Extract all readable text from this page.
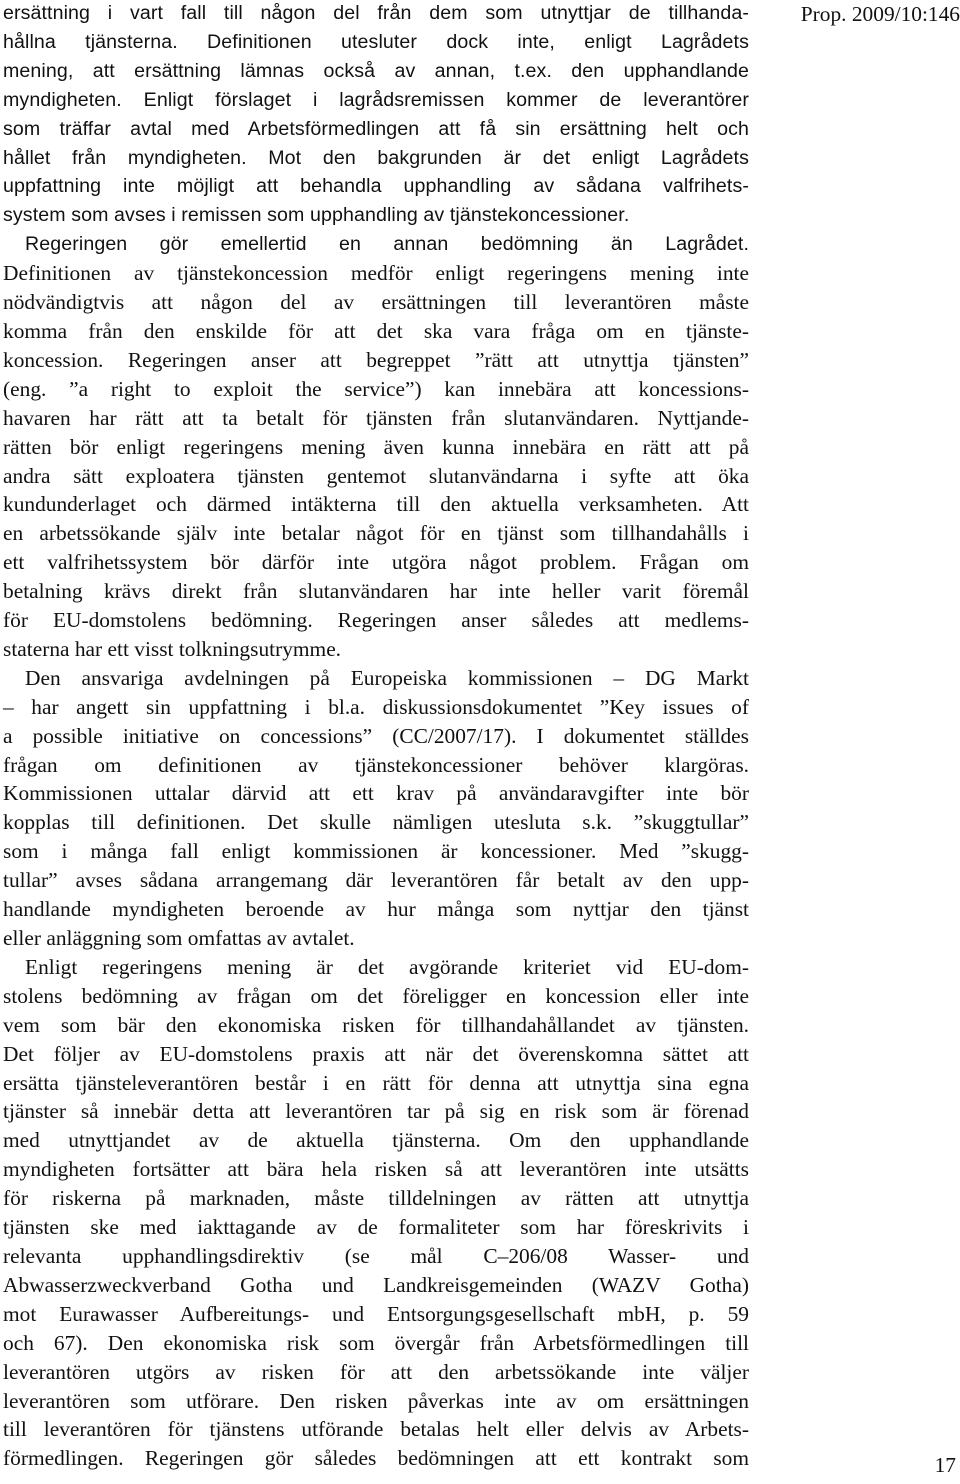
Prop. 2009/10:146

ersättning i vart fall till någon del från dem som utnyttjar de tillhanda-
hållna tjänsterna. Definitionen utesluter dock inte, enligt Lagrådets
mening, att ersättning lämnas också av annan, t.ex. den upphandlande
myndigheten. Enligt förslaget i lagrådsremissen kommer de leverantörer
som träffar avtal med Arbetsförmedlingen att få sin ersättning helt och
hållet från myndigheten. Mot den bakgrunden är det enligt Lagrådets
uppfattning inte möjligt att behandla upphandling av sådana valfrihets-
system som avses i remissen som upphandling av tjänstekoncessioner.

Regeringen gör emellertid en annan bedömning än Lagrådet.
Definitionen av tjänstekoncession medför enligt regeringens mening inte
nödvändigtvis att någon del av ersättningen till leverantören måste
komma från den enskilde för att det ska vara fråga om en tjänste-
koncession. Regeringen anser att begreppet ”rätt att utnyttja tjänsten”
(eng. ”a right to exploit the service”) kan innebära att koncessions-
havaren har rätt att ta betalt för tjänsten från slutanvändaren. Nyttjande-
rätten bör enligt regeringens mening även kunna innebära en rätt att på
andra sätt exploatera tjänsten gentemot slutanvändarna i syfte att öka
kundunderlaget och därmed intäkterna till den aktuella verksamheten. Att
en arbetssökande själv inte betalar något för en tjänst som tillhandahålls i
ett valfrihetssystem bör därför inte utgöra något problem. Frågan om
betalning krävs direkt från slutanvändaren har inte heller varit föremål
för EU-domstolens bedömning. Regeringen anser således att medlems-
staterna har ett visst tolkningsutrymme.

Den ansvariga avdelningen på Europeiska kommissionen – DG Markt
– har angett sin uppfattning i bl.a. diskussionsdokumentet ”Key issues of
a possible initiative on concessions” (CC/2007/17). I dokumentet ställdes
frågan om definitionen av tjänstekoncessioner behöver klargöras.
Kommissionen uttalar därvid att ett krav på användaravgifter inte bör
kopplas till definitionen. Det skulle nämligen utesluta s.k. ”skuggtullar”
som i många fall enligt kommissionen är koncessioner. Med ”skugg-
tullar” avses sådana arrangemang där leverantören får betalt av den upp-
handlande myndigheten beroende av hur många som nyttjar den tjänst
eller anläggning som omfattas av avtalet.

Enligt regeringens mening är det avgörande kriteriet vid EU-dom-
stolens bedömning av frågan om det föreligger en koncession eller inte
vem som bär den ekonomiska risken för tillhandahållandet av tjänsten.
Det följer av EU-domstolens praxis att när det överenskomna sättet att
ersätta tjänsteleverantören består i en rätt för denna att utnyttja sina egna
tjänster så innebär detta att leverantören tar på sig en risk som är förenad
med utnyttjandet av de aktuella tjänsterna. Om den upphandlande
myndigheten fortsätter att bära hela risken så att leverantören inte utsätts
för riskerna på marknaden, måste tilldelningen av rätten att utnyttja
tjänsten ske med iakttagande av de formaliteter som har föreskrivits i
relevanta upphandlingsdirektiv (se mål C–206/08 Wasser- und
Abwasserzweckverband Gotha und Landkreisgemeinden (WAZV Gotha)
mot Eurawasser Aufbereitungs- und Entsorgungsgesellschaft mbH, p. 59
och 67). Den ekonomiska risk som övergår från Arbetsförmedlingen till
leverantören utgörs av risken för att den arbetssökande inte väljer
leverantören som utförare. Den risken påverkas inte av om ersättningen
till leverantören för tjänstens utförande betalas helt eller delvis av Arbets-
förmedlingen. Regeringen gör således bedömningen att ett kontrakt som	17
